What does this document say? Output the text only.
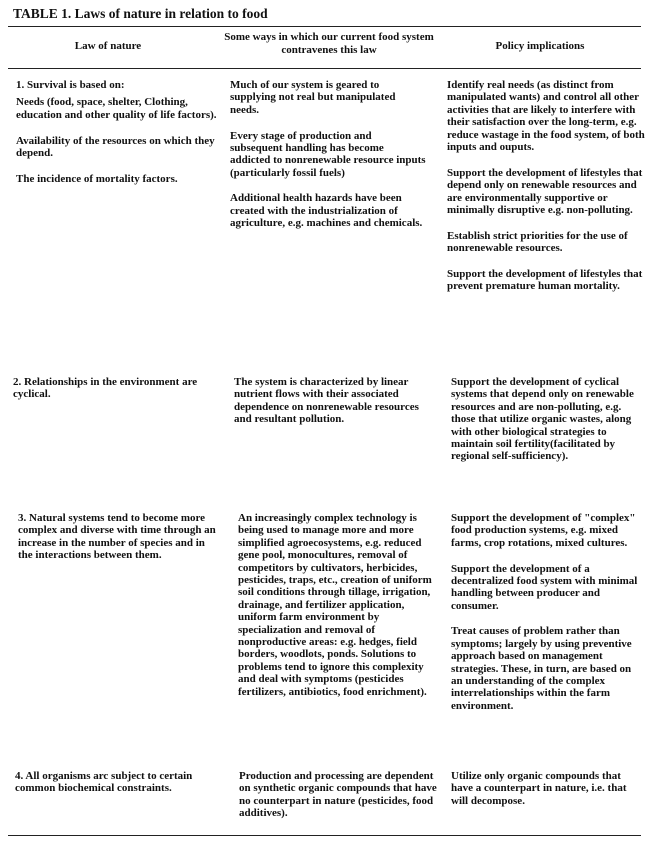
TABLE 1. Laws of nature in relation to food
Law of nature
Some ways in which our current food system contravenes this law	Policy implications

1. Survival is based on:

Needs (food, space, shelter, Clothing, education and other quality of life factors).

Availability of the resources on which they depend.

The incidence of mortality factors.

Much of our system is geared to supplying not real but manipulated needs.

Every stage of production and subsequent handling has become addicted to nonrenewable resource inputs (particularly fossil fuels)

Additional health hazards have been created with the industrialization of agriculture, e.g. machines and chemicals.

Identify real needs (as distinct from manipulated wants) and control all other activities that are likely to interfere with their satisfaction over the long-term, e.g. reduce wastage in the food system, of both inputs and ouputs.

Support the development of lifestyles that depend only on renewable resources and are environmentally supportive or minimally disruptive e.g. non-polluting.

Establish strict priorities for the use of nonrenewable resources.

Support the development of lifestyles that prevent premature human mortality.

2. Relationships in the environment are cyclical.

The system is characterized by linear nutrient flows with their associated dependence on nonrenewable resources and resultant pollution.

Support the development of cyclical systems that depend only on renewable resources and are non-polluting, e.g. those that utilize organic wastes, along with other biological strategies to maintain soil fertility(facilitated by regional self-sufficiency).

3. Natural systems tend to become more complex and diverse with time through an increase in the number of species and in the interactions between them.

An increasingly complex technology is being used to manage more and more simplified agroecosystems, e.g. reduced gene pool, monocultures, removal of competitors by cultivators, herbicides, pesticides, traps, etc., creation of uniform soil conditions through tillage, irrigation, drainage, and fertilizer application, uniform farm environment by specialization and removal of nonproductive areas: e.g. hedges, field borders, woodlots, ponds. Solutions to problems tend to ignore this complexity and deal with symptoms (pesticides fertilizers, antibiotics, food enrichment).

Support the development of "complex" food production systems, e.g. mixed farms, crop rotations, mixed cultures.

Support the development of a decentralized food system with minimal handling between producer and consumer.

Treat causes of problem rather than symptoms; largely by using preventive approach based on management strategies. These, in turn, are based on an understanding of the complex interrelationships within the farm environment.

4. All organisms arc subject to certain common biochemical constraints.

Production and processing are dependent on synthetic organic compounds that have no counterpart in nature (pesticides, food additives).

Utilize only organic compounds that have a counterpart in nature, i.e. that will decompose.
